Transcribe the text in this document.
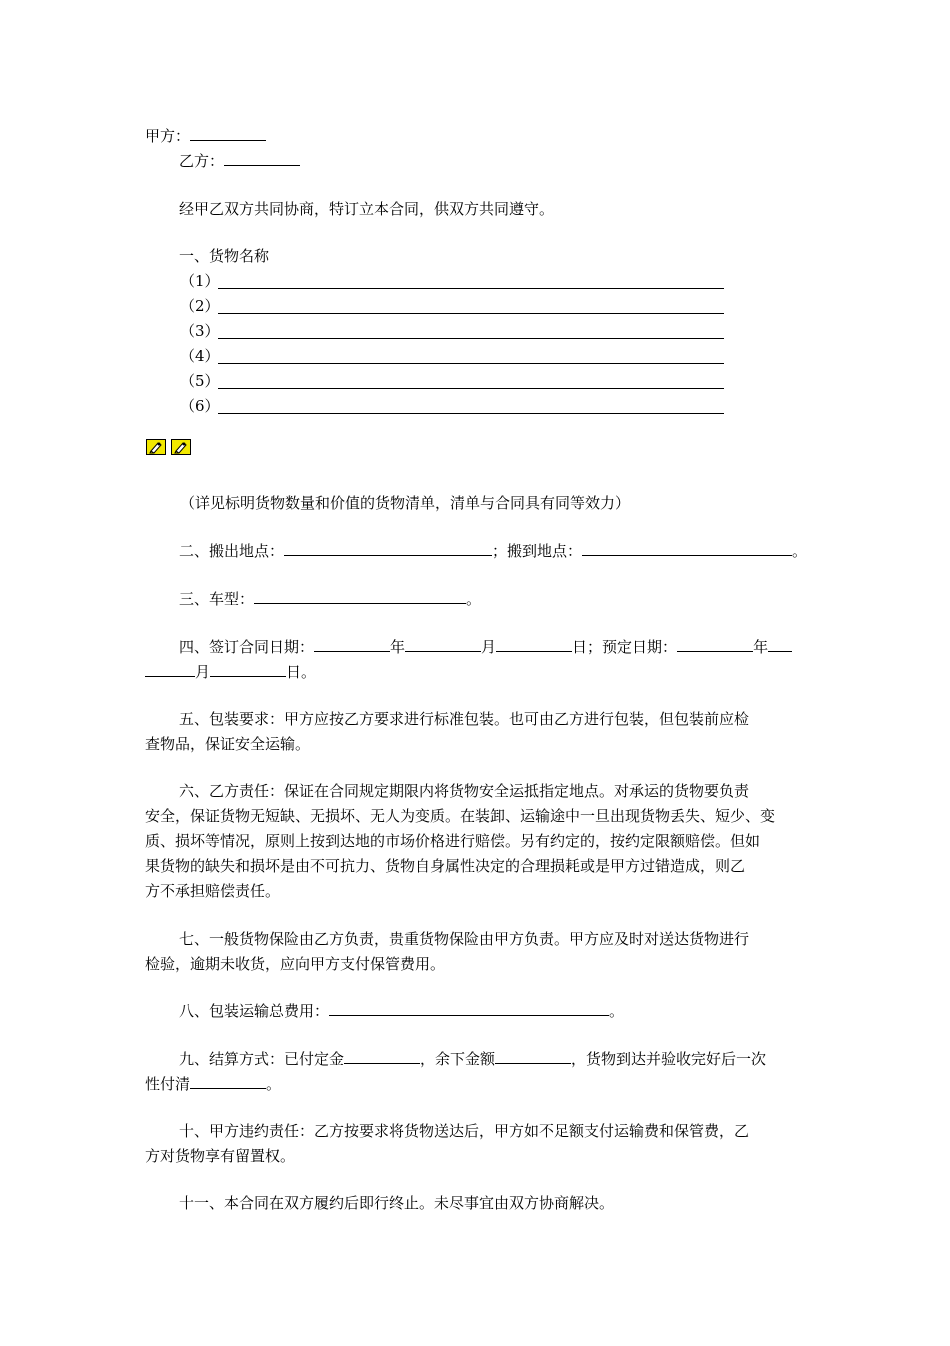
甲方：
乙方：
经甲乙双方共同协商，特订立本合同，供双方共同遵守。
一、货物名称
（1）
（2）
（3）
（4）
（5）
（6）
（详见标明货物数量和价值的货物清单，清单与合同具有同等效力）
二、搬出地点：	；搬到地点：	。
三、车型：	。
四、签订合同日期：	年	月	日；预定日期：	年
月	日。
五、包装要求：甲方应按乙方要求进行标准包装。也可由乙方进行包装，但包装前应检
查物品，保证安全运输。
六、乙方责任：保证在合同规定期限内将货物安全运抵指定地点。对承运的货物要负责
安全，保证货物无短缺、无损坏、无人为变质。在装卸、运输途中一旦出现货物丢失、短少、变
质、损坏等情况，原则上按到达地的市场价格进行赔偿。另有约定的，按约定限额赔偿。但如
果货物的缺失和损坏是由不可抗力、货物自身属性决定的合理损耗或是甲方过错造成，则乙
方不承担赔偿责任。
七、一般货物保险由乙方负责，贵重货物保险由甲方负责。甲方应及时对送达货物进行
检验，逾期未收货，应向甲方支付保管费用。
八、包装运输总费用：	。
九、结算方式：已付定金	，余下金额	，货物到达并验收完好后一次
性付清	。
十、甲方违约责任：乙方按要求将货物送达后，甲方如不足额支付运输费和保管费，乙
方对货物享有留置权。
十一、本合同在双方履约后即行终止。未尽事宜由双方协商解决。
